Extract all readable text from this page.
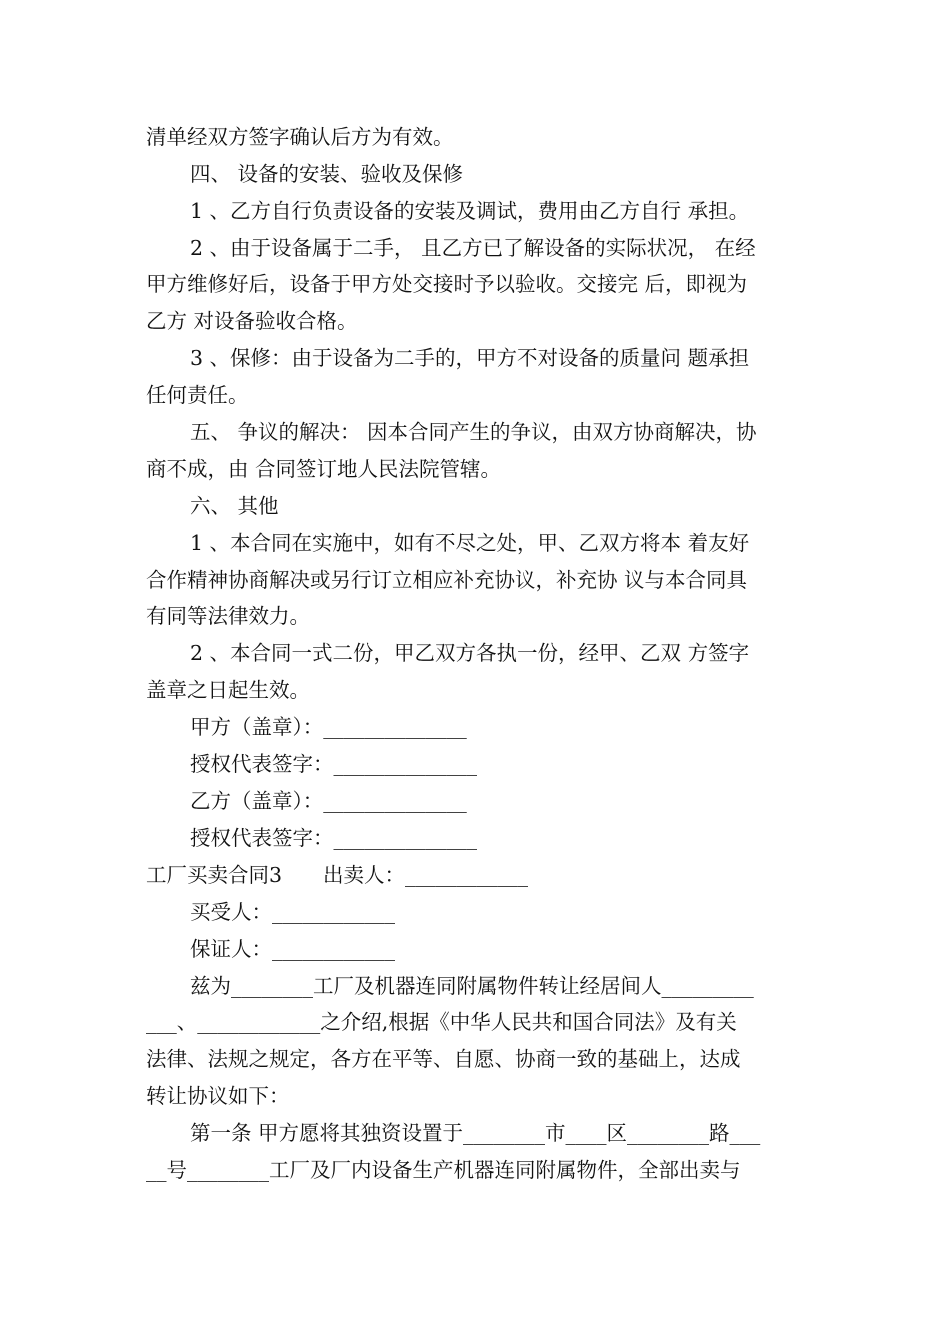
清单经双方签字确认后方为有效。

四、 设备的安装、验收及保修

1 、乙方自行负责设备的安装及调试，费用由乙方自行 承担。

2 、由于设备属于二手， 且乙方已了解设备的实际状况， 在经

甲方维修好后，设备于甲方处交接时予以验收。交接完 后，即视为

乙方 对设备验收合格。

3 、保修：由于设备为二手的，甲方不对设备的质量问 题承担

任何责任。

五、 争议的解决： 因本合同产生的争议，由双方协商解决，协

商不成，由 合同签订地人民法院管辖。

六、 其他

1 、本合同在实施中，如有不尽之处，甲、乙双方将本 着友好

合作精神协商解决或另行订立相应补充协议，补充协 议与本合同具

有同等法律效力。

2 、本合同一式二份，甲乙双方各执一份，经甲、乙双 方签字

盖章之日起生效。

甲方（盖章）：______________

授权代表签字：______________

乙方（盖章）：______________

授权代表签字：______________

工厂买卖合同3　　出卖人：____________

买受人：____________

保证人：____________

兹为________工厂及机器连同附属物件转让经居间人_________

___、____________之介绍,根据《中华人民共和国合同法》及有关

法律、法规之规定，各方在平等、自愿、协商一致的基础上，达成

转让协议如下：

第一条 甲方愿将其独资设置于________市____区________路___

__号________工厂及厂内设备生产机器连同附属物件，全部出卖与
